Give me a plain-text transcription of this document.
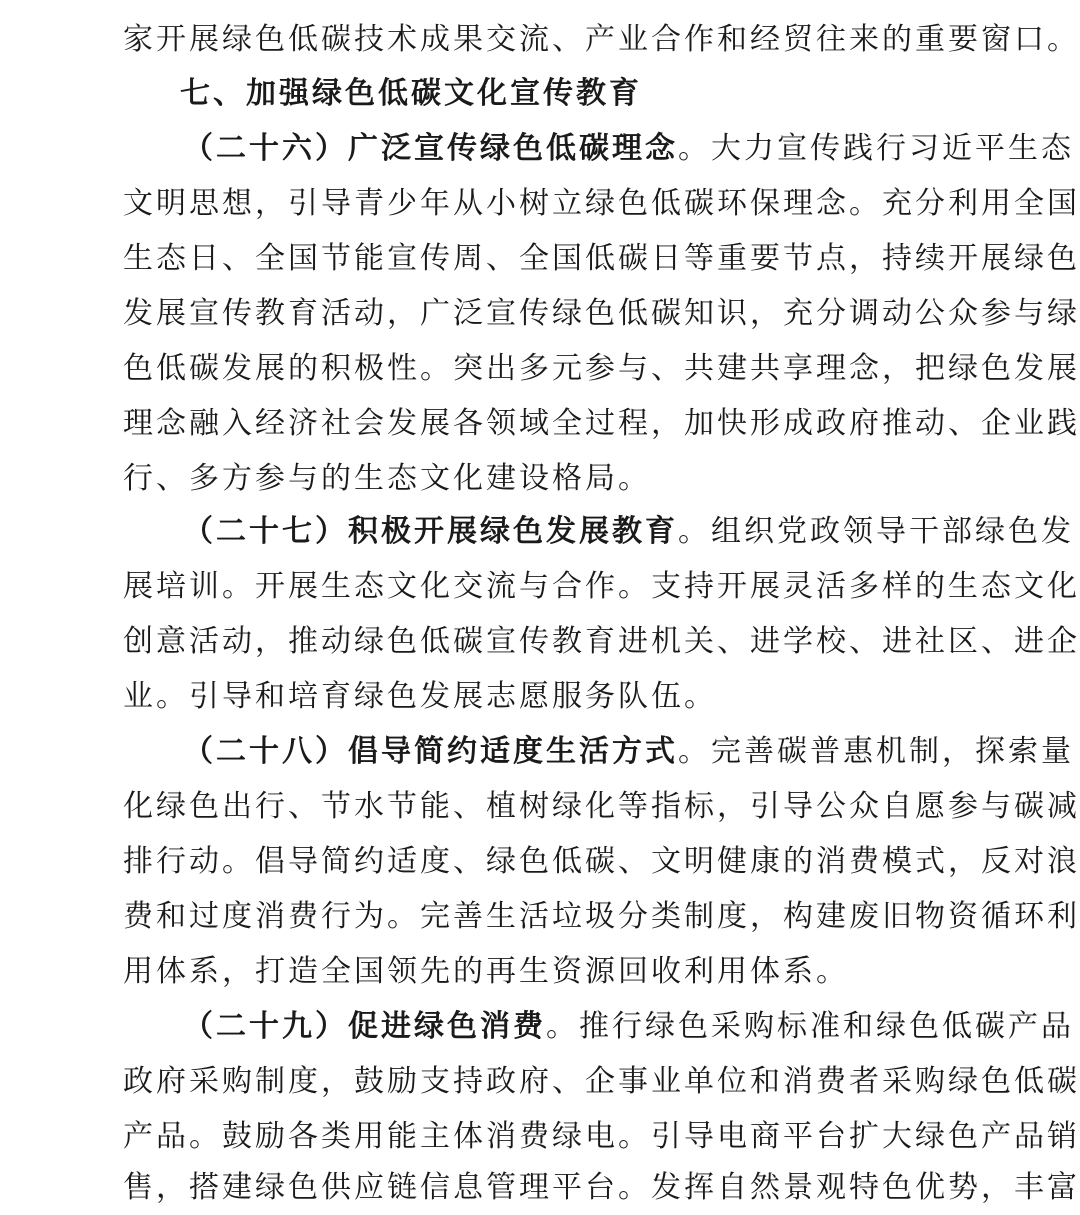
家开展绿色低碳技术成果交流、产业合作和经贸往来的重要窗口。
七、加强绿色低碳文化宣传教育
（二十六）广泛宣传绿色低碳理念。大力宣传践行习近平生态
文明思想，引导青少年从小树立绿色低碳环保理念。充分利用全国
生态日、全国节能宣传周、全国低碳日等重要节点，持续开展绿色
发展宣传教育活动，广泛宣传绿色低碳知识，充分调动公众参与绿
色低碳发展的积极性。突出多元参与、共建共享理念，把绿色发展
理念融入经济社会发展各领域全过程，加快形成政府推动、企业践
行、多方参与的生态文化建设格局。
（二十七）积极开展绿色发展教育。组织党政领导干部绿色发
展培训。开展生态文化交流与合作。支持开展灵活多样的生态文化
创意活动，推动绿色低碳宣传教育进机关、进学校、进社区、进企
业。引导和培育绿色发展志愿服务队伍。
（二十八）倡导简约适度生活方式。完善碳普惠机制，探索量
化绿色出行、节水节能、植树绿化等指标，引导公众自愿参与碳减
排行动。倡导简约适度、绿色低碳、文明健康的消费模式，反对浪
费和过度消费行为。完善生活垃圾分类制度，构建废旧物资循环利
用体系，打造全国领先的再生资源回收利用体系。
（二十九）促进绿色消费。推行绿色采购标准和绿色低碳产品
政府采购制度，鼓励支持政府、企事业单位和消费者采购绿色低碳
产品。鼓励各类用能主体消费绿电。引导电商平台扩大绿色产品销
售，搭建绿色供应链信息管理平台。发挥自然景观特色优势，丰富
